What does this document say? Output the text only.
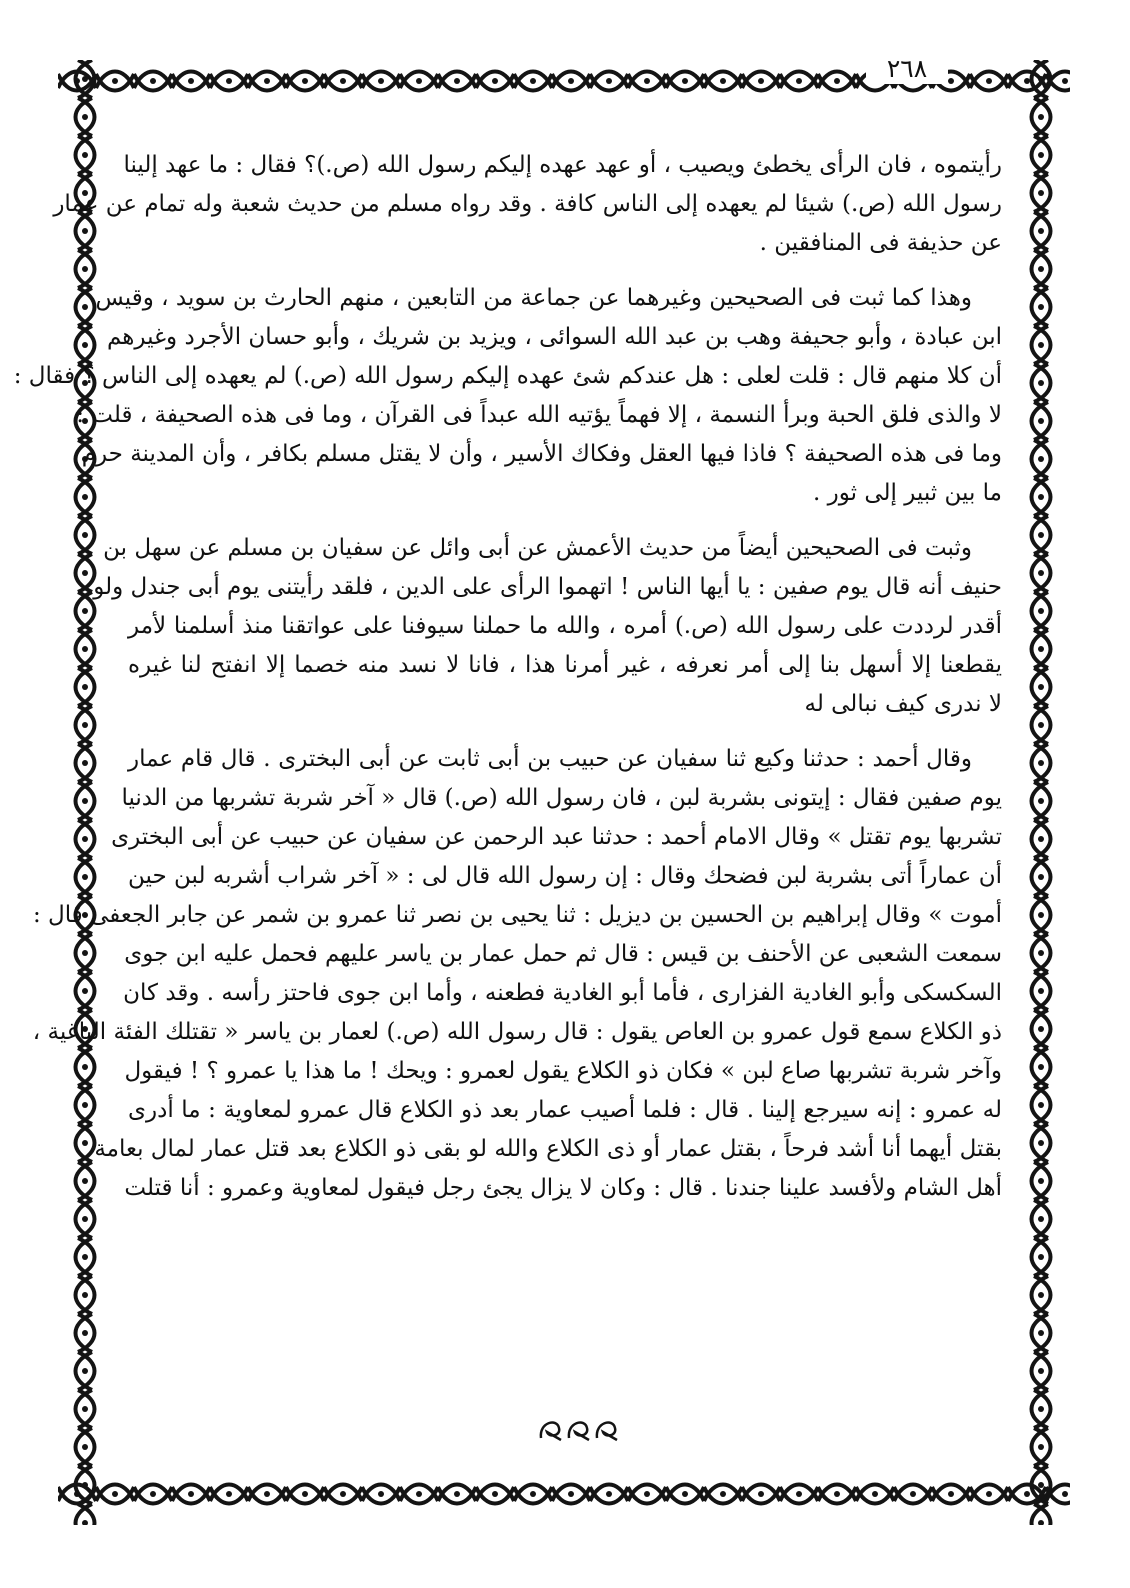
٢٦٨

رأيتموه ، فان الرأى يخطئ ويصيب ، أو عهد عهده إليكم رسول الله (ص.)؟ فقال : ما عهد إلينا
رسول الله (ص.) شيئا لم يعهده إلى الناس كافة . وقد رواه مسلم من حديث شعبة وله تمام عن عمار
عن حذيفة فى المنافقين .

وهذا كما ثبت فى الصحيحين وغيرهما عن جماعة من التابعين ، منهم الحارث بن سويد ، وقيس
ابن عبادة ، وأبو جحيفة وهب بن عبد الله السوائى ، ويزيد بن شريك ، وأبو حسان الأجرد وغيرهم
أن كلا منهم قال : قلت لعلى : هل عندكم شئ عهده إليكم رسول الله (ص.) لم يعهده إلى الناس ؟ فقال :
لا والذى فلق الحبة وبرأ النسمة ، إلا فهماً يؤتيه الله عبداً فى القرآن ، وما فى هذه الصحيفة ، قلت :
وما فى هذه الصحيفة ؟ فاذا فيها العقل وفكاك الأسير ، وأن لا يقتل مسلم بكافر ، وأن المدينة حرم
ما بين ثبير إلى ثور .

وثبت فى الصحيحين أيضاً من حديث الأعمش عن أبى وائل عن سفيان بن مسلم عن سهل بن
حنيف أنه قال يوم صفين : يا أيها الناس ! اتهموا الرأى على الدين ، فلقد رأيتنى يوم أبى جندل ولو
أقدر لرددت على رسول الله (ص.) أمره ، والله ما حملنا سيوفنا على عواتقنا منذ أسلمنا لأمر
يقطعنا إلا أسهل بنا إلى أمر نعرفه ، غير أمرنا هذا ، فانا لا نسد منه خصما إلا انفتح لنا غيره
لا ندرى كيف نبالى له

وقال أحمد : حدثنا وكيع ثنا سفيان عن حبيب بن أبى ثابت عن أبى البخترى . قال قام عمار
يوم صفين فقال : إيتونى بشربة لبن ، فان رسول الله (ص.) قال « آخر شربة تشربها من الدنيا
تشربها يوم تقتل » وقال الامام أحمد : حدثنا عبد الرحمن عن سفيان عن حبيب عن أبى البخترى
أن عماراً أتى بشربة لبن فضحك وقال : إن رسول الله قال لى : « آخر شراب أشربه لبن حين
أموت » وقال إبراهيم بن الحسين بن ديزيل : ثنا يحيى بن نصر ثنا عمرو بن شمر عن جابر الجعفى قال :
سمعت الشعبى عن الأحنف بن قيس : قال ثم حمل عمار بن ياسر عليهم فحمل عليه ابن جوى
السكسكى وأبو الغادية الفزارى ، فأما أبو الغادية فطعنه ، وأما ابن جوى فاحتز رأسه . وقد كان
ذو الكلاع سمع قول عمرو بن العاص يقول : قال رسول الله (ص.) لعمار بن ياسر « تقتلك الفئة الباغية ،
وآخر شربة تشربها صاع لبن » فكان ذو الكلاع يقول لعمرو : ويحك ! ما هذا يا عمرو ؟ ! فيقول
له عمرو : إنه سيرجع إلينا . قال : فلما أصيب عمار بعد ذو الكلاع قال عمرو لمعاوية : ما أدرى
بقتل أيهما أنا أشد فرحاً ، بقتل عمار أو ذى الكلاع والله لو بقى ذو الكلاع بعد قتل عمار لمال بعامة
أهل الشام ولأفسد علينا جندنا . قال : وكان لا يزال يجئ رجل فيقول لمعاوية وعمرو : أنا قتلت
